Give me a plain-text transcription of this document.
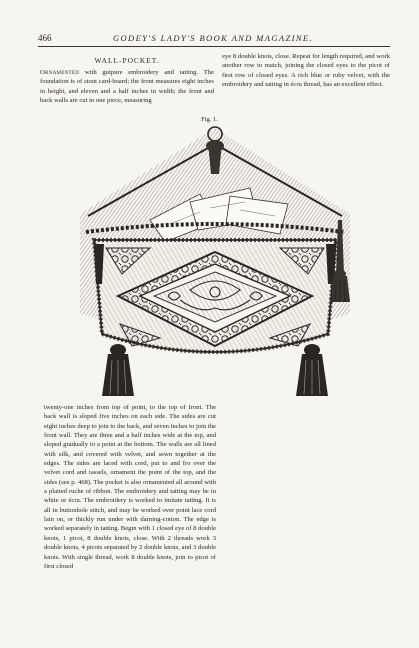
466	GODEY'S LADY'S BOOK AND MAGAZINE.
WALL-POCKET.

Ornamented with guipure embroidery and tatting. The foundation is of stout card-board; the front measures eight inches in height, and eleven and a half inches in width; the front and back walls are cut in one piece, measuring

eye 8 double knots, close. Repeat for length required, and work another row to match, joining the closed eyes to the picot of first row of closed eyes. A rich blue or ruby velvet, with the embroidery and tatting in écru thread, has an excellent effect.

Fig. 1.

twenty-one inches from top of point, to the top of front. The back wall is sloped five inches on each side. The sides are cut eight inches deep to join to the back, and seven inches to join the front wall. They are three and a half inches wide at the top, and sloped gradually to a point at the bottom. The walls are all lined with silk, and covered with velvet, and sewn together at the edges. The sides are laced with cord, put to and fro over the velvet cord and tassels, ornament the point of the top, and the sides (see p. 468). The pocket is also ornamented all around with a plaited ruche of ribbon. The embroidery and tatting may be in white or écru. The embroidery is worked to imitate tatting. It is all in buttonhole stitch, and may be worked over point lace cord lain on, or thickly run under with darning-cotton. The edge is worked separately in tatting. Begin with 1 closed eye of 8 double knots, 1 picot, 8 double knots, close. With 2 threads work 3 double knots, 4 picots separated by 2 double knots, and 3 double knots. With single thread, work 8 double knots, join to picot of first closed
